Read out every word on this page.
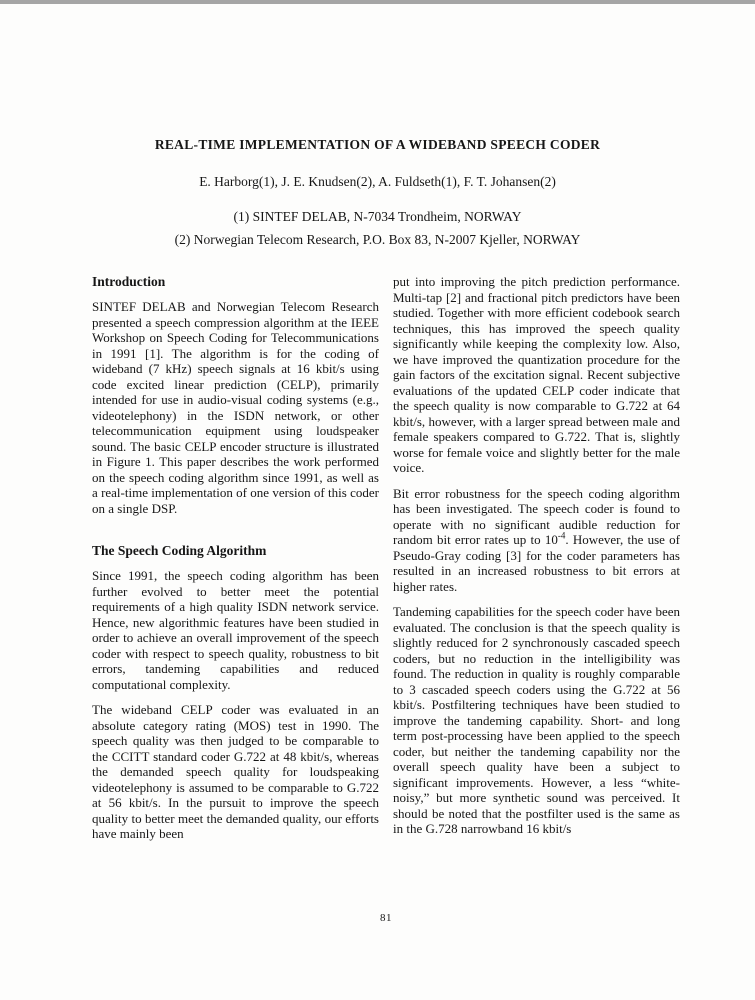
REAL-TIME IMPLEMENTATION OF A WIDEBAND SPEECH CODER

E. Harborg(1), J. E. Knudsen(2), A. Fuldseth(1), F. T. Johansen(2)

(1) SINTEF DELAB, N-7034 Trondheim, NORWAY

(2) Norwegian Telecom Research, P.O. Box 83, N-2007 Kjeller, NORWAY

Introduction

SINTEF DELAB and Norwegian Telecom Research presented a speech compression algorithm at the IEEE Workshop on Speech Coding for Telecommunications in 1991 [1]. The algorithm is for the coding of wideband (7 kHz) speech signals at 16 kbit/s using code excited linear prediction (CELP), primarily intended for use in audio-visual coding systems (e.g., videotelephony) in the ISDN network, or other telecommunication equipment using loudspeaker sound. The basic CELP encoder structure is illustrated in Figure 1. This paper describes the work performed on the speech coding algorithm since 1991, as well as a real-time implementation of one version of this coder on a single DSP.

The Speech Coding Algorithm

Since 1991, the speech coding algorithm has been further evolved to better meet the potential requirements of a high quality ISDN network service. Hence, new algorithmic features have been studied in order to achieve an overall improvement of the speech coder with respect to speech quality, robustness to bit errors, tandeming capabilities and reduced computational complexity.

The wideband CELP coder was evaluated in an absolute category rating (MOS) test in 1990. The speech quality was then judged to be comparable to the CCITT standard coder G.722 at 48 kbit/s, whereas the demanded speech quality for loudspeaking videotelephony is assumed to be comparable to G.722 at 56 kbit/s. In the pursuit to improve the speech quality to better meet the demanded quality, our efforts have mainly been

put into improving the pitch prediction performance. Multi-tap [2] and fractional pitch predictors have been studied. Together with more efficient codebook search techniques, this has improved the speech quality significantly while keeping the complexity low. Also, we have improved the quantization procedure for the gain factors of the excitation signal. Recent subjective evaluations of the updated CELP coder indicate that the speech quality is now comparable to G.722 at 64 kbit/s, however, with a larger spread between male and female speakers compared to G.722. That is, slightly worse for female voice and slightly better for the male voice.

Bit error robustness for the speech coding algorithm has been investigated. The speech coder is found to operate with no significant audible reduction for random bit error rates up to $10^{-4}$. However, the use of Pseudo-Gray coding [3] for the coder parameters has resulted in an increased robustness to bit errors at higher rates.

Tandeming capabilities for the speech coder have been evaluated. The conclusion is that the speech quality is slightly reduced for 2 synchronously cascaded speech coders, but no reduction in the intelligibility was found. The reduction in quality is roughly comparable to 3 cascaded speech coders using the G.722 at 56 kbit/s. Postfiltering techniques have been studied to improve the tandeming capability. Short- and long term post-processing have been applied to the speech coder, but neither the tandeming capability nor the overall speech quality have been a subject to significant improvements. However, a less “white-noisy,” but more synthetic sound was perceived. It should be noted that the postfilter used is the same as in the G.728 narrowband 16 kbit/s

81
